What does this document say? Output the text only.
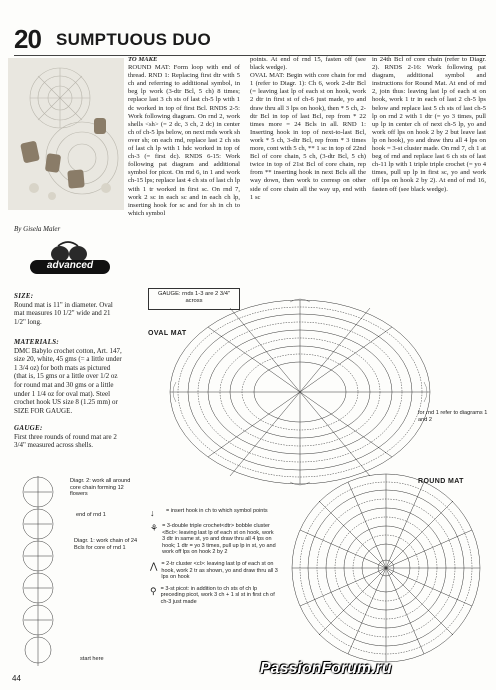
20 SUMPTUOUS DUO
By Gisela Maler
advanced
SIZE:
Round mat is 11" in diameter. Oval mat measures 10 1/2" wide and 21 1/2" long.
MATERIALS:
DMC Babylo crochet cotton, Art. 147, size 20, white, 45 gms (= a little under 1 3/4 oz) for both mats as pictured (that is, 15 gms or a little over 1/2 oz for round mat and 30 gms or a little under 1 1/4 oz for oval mat). Steel crochet hook US size 8 (1.25 mm) or SIZE FOR GAUGE.
GAUGE:
First three rounds of round mat are 2 3/4" measured across shells.
TO MAKE
ROUND MAT: Form loop with end of thread. RND 1: Replacing first dtr with 5 ch and referring to additional symbol, in beg lp work (3-dtr Bcl, 5 ch) 8 times; replace last 3 ch sts of last ch-5 lp with 1 dc worked in top of first Bcl. RNDS 2-5: Work following diagram. On rnd 2, work shells <sh> (= 2 dc, 3 ch, 2 dc) in center ch of ch-5 lps below, on next rnds work sh over sh; on each rnd, replace last 2 ch sts of last ch lp with 1 hdc worked in top of ch-3 (= first dc). RNDS 6-15: Work following pat diagram and additional symbol for picot. On rnd 6, in 1 and work ch-15 lps; replace last 4 ch sts of last ch lp with 1 tr worked in first sc. On rnd 7, work 2 sc in each sc and in each ch lp, inserting hook for sc and for sh in ch to which symbol
points. At end of rnd 15, fasten off (see black wedge).
OVAL MAT: Begin with core chain for rnd 1 (refer to Diagr. 1): Ch 6, work 2-dtr Bcl (= leaving last lp of each st on hook, work 2 dtr in first st of ch-6 just made, yo and draw thru all 3 lps on hook), then * 5 ch, 2-dtr Bcl in top of last Bcl, rep from * 22 times more = 24 Bcls in all. RND 1: Inserting hook in top of next-to-last Bcl, work * 5 ch, 3-dtr Bcl, rep from * 3 times more, cont with 5 ch, ** 1 sc in top of 22nd Bcl of core chain, 5 ch, (3-dtr Bcl, 5 ch) twice in top of 21st Bcl of core chain, rep from ** inserting hook in next Bcls all the way down, then work to corresp on other side of core chain all the way up, end with 1 sc
in 24th Bcl of core chain (refer to Diagr. 2). RNDS 2-16: Work following pat diagram, additional symbol and instructions for Round Mat. At end of rnd 2, join thus: leaving last lp of each st on hook, work 1 tr in each of last 2 ch-5 lps below and replace last 5 ch sts of last ch-5 lp on rnd 2 with 1 dtr (= yo 3 times, pull up lp in center ch of next ch-5 lp, yo and work off lps on hook 2 by 2 but leave last lp on hook), yo and draw thru all 4 lps on hook = 3-st cluster made. On rnd 7, ch 1 at beg of rnd and replace last 6 ch sts of last ch-11 lp with 1 triple triple crochet (= yo 4 times, pull up lp in first sc, yo and work off lps on hook 2 by 2). At end of rnd 16, fasten off (see black wedge).
GAUGE: rnds 1-3 are 2 3/4" across
OVAL MAT
for rnd 1 refer to diagrams 1 and 2
ROUND MAT
Diagr. 2: work all around core chain forming 12 flowers
end of rnd 1
Diagr. 1: work chain of 24 Bcls for core of rnd 1
start here
↓	= insert hook in ch to which symbol points
⚘ = 3-double triple crochet<dtr> bobble cluster <Bcl>: leaving last lp of each st on hook, work 3 dtr in same st, yo and draw thru all 4 lps on hook; 1 dtr = yo 3 times, pull up lp in st, yo and work off lps on hook 2 by 2
⋀ = 2-tr cluster <cl>: leaving last lp of each st on hook, work 2 tr as shown, yo and draw thru all 3 lps on hook
⚲ = 3-st picot: in addition to ch sts of ch lp preceding picot, work 3 ch + 1 sl st in first ch of ch-3 just made
44
PassionForum.ru
